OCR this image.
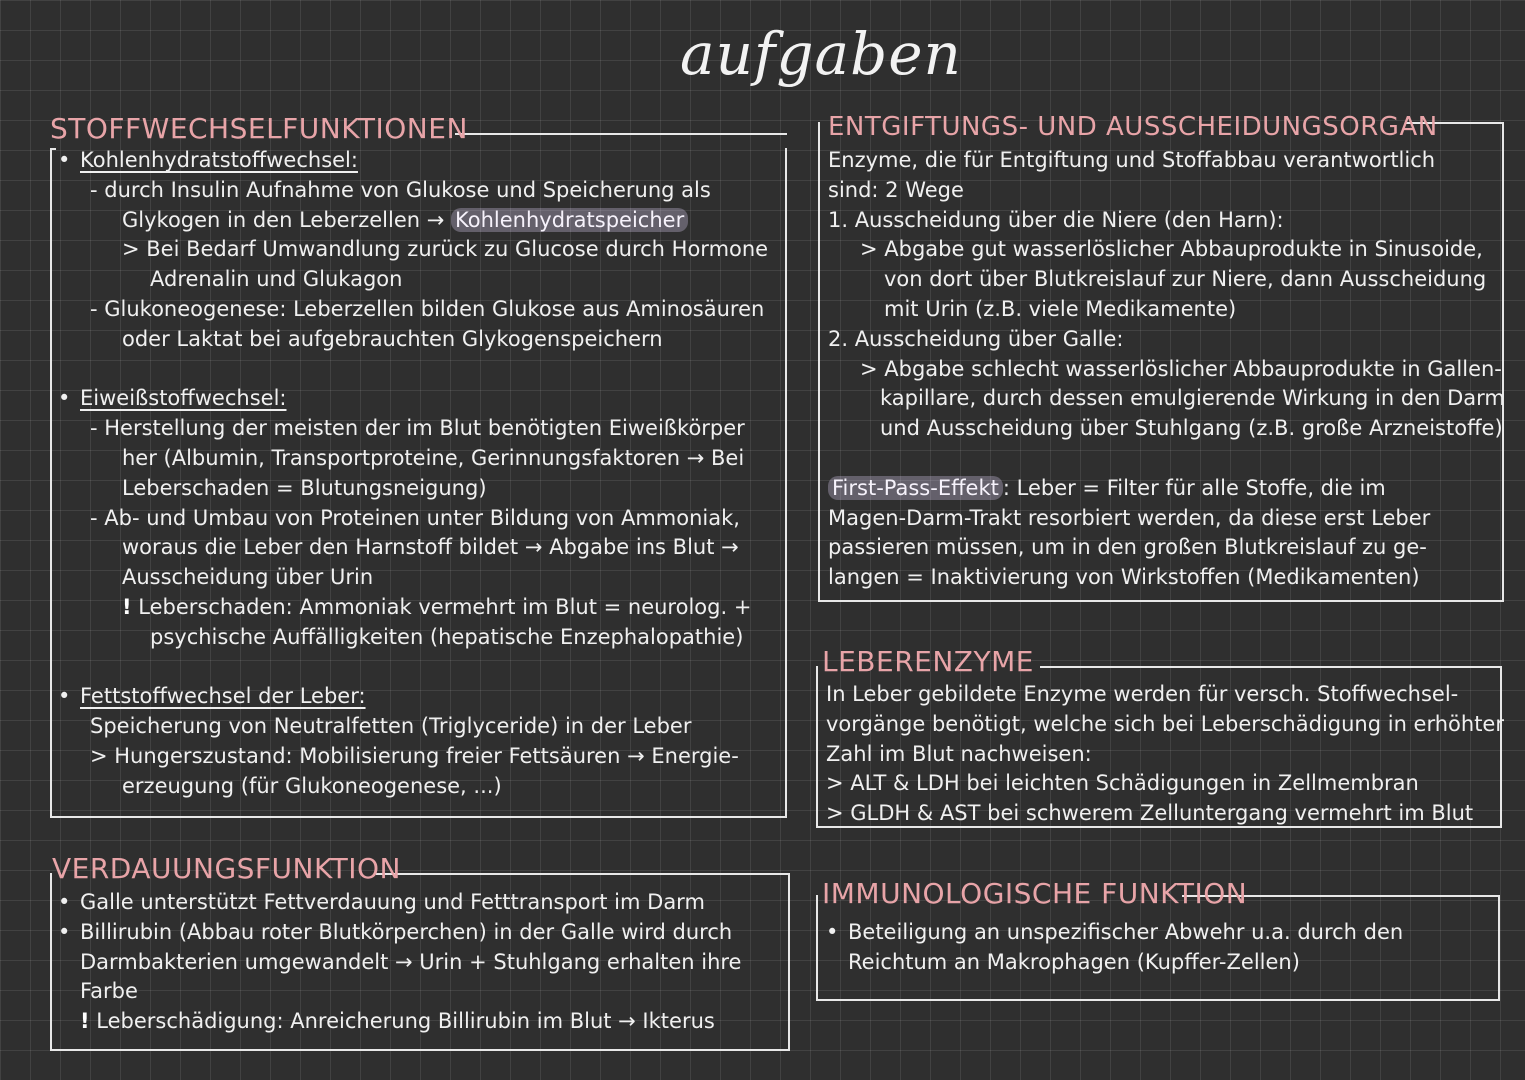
aufgaben
STOFFWECHSELFUNKTIONEN

• Kohlenhydratstoffwechsel:

- durch Insulin Aufnahme von Glukose und Speicherung als

Glykogen in den Leberzellen → Kohlenhydratspeicher

> Bei Bedarf Umwandlung zurück zu Glucose durch Hormone

Adrenalin und Glukagon

- Glukoneogenese: Leberzellen bilden Glukose aus Aminosäuren

oder Laktat bei aufgebrauchten Glykogenspeichern

• Eiweißstoffwechsel:

- Herstellung der meisten der im Blut benötigten Eiweißkörper

her (Albumin, Transportproteine, Gerinnungsfaktoren → Bei

Leberschaden = Blutungsneigung)

- Ab- und Umbau von Proteinen unter Bildung von Ammoniak,

woraus die Leber den Harnstoff bildet → Abgabe ins Blut →

Ausscheidung über Urin

! Leberschaden: Ammoniak vermehrt im Blut = neurolog. +

psychische Auffälligkeiten (hepatische Enzephalopathie)

• Fettstoffwechsel der Leber:

Speicherung von Neutralfetten (Triglyceride) in der Leber

> Hungerszustand: Mobilisierung freier Fettsäuren → Energie-

erzeugung (für Glukoneogenese, ...)

VERDAUUNGSFUNKTION

• Galle unterstützt Fettverdauung und Fetttransport im Darm

• Billirubin (Abbau roter Blutkörperchen) in der Galle wird durch

Darmbakterien umgewandelt → Urin + Stuhlgang erhalten ihre

Farbe

! Leberschädigung: Anreicherung Billirubin im Blut → Ikterus

ENTGIFTUNGS- UND AUSSCHEIDUNGSORGAN

Enzyme, die für Entgiftung und Stoffabbau verantwortlich

sind: 2 Wege

1. Ausscheidung über die Niere (den Harn):

> Abgabe gut wasserlöslicher Abbauprodukte in Sinusoide,

von dort über Blutkreislauf zur Niere, dann Ausscheidung

mit Urin (z.B. viele Medikamente)

2. Ausscheidung über Galle:

> Abgabe schlecht wasserlöslicher Abbauprodukte in Gallen-

kapillare, durch dessen emulgierende Wirkung in den Darm

und Ausscheidung über Stuhlgang (z.B. große Arzneistoffe)

First-Pass-Effekt : Leber = Filter für alle Stoffe, die im

Magen-Darm-Trakt resorbiert werden, da diese erst Leber

passieren müssen, um in den großen Blutkreislauf zu ge-

langen = Inaktivierung von Wirkstoffen (Medikamenten)

LEBERENZYME

In Leber gebildete Enzyme werden für versch. Stoffwechsel-

vorgänge benötigt, welche sich bei Leberschädigung in erhöhter

Zahl im Blut nachweisen:

> ALT & LDH bei leichten Schädigungen in Zellmembran

> GLDH & AST bei schwerem Zelluntergang vermehrt im Blut

IMMUNOLOGISCHE FUNKTION

• Beteiligung an unspezifischer Abwehr u.a. durch den

Reichtum an Makrophagen (Kupffer-Zellen)
